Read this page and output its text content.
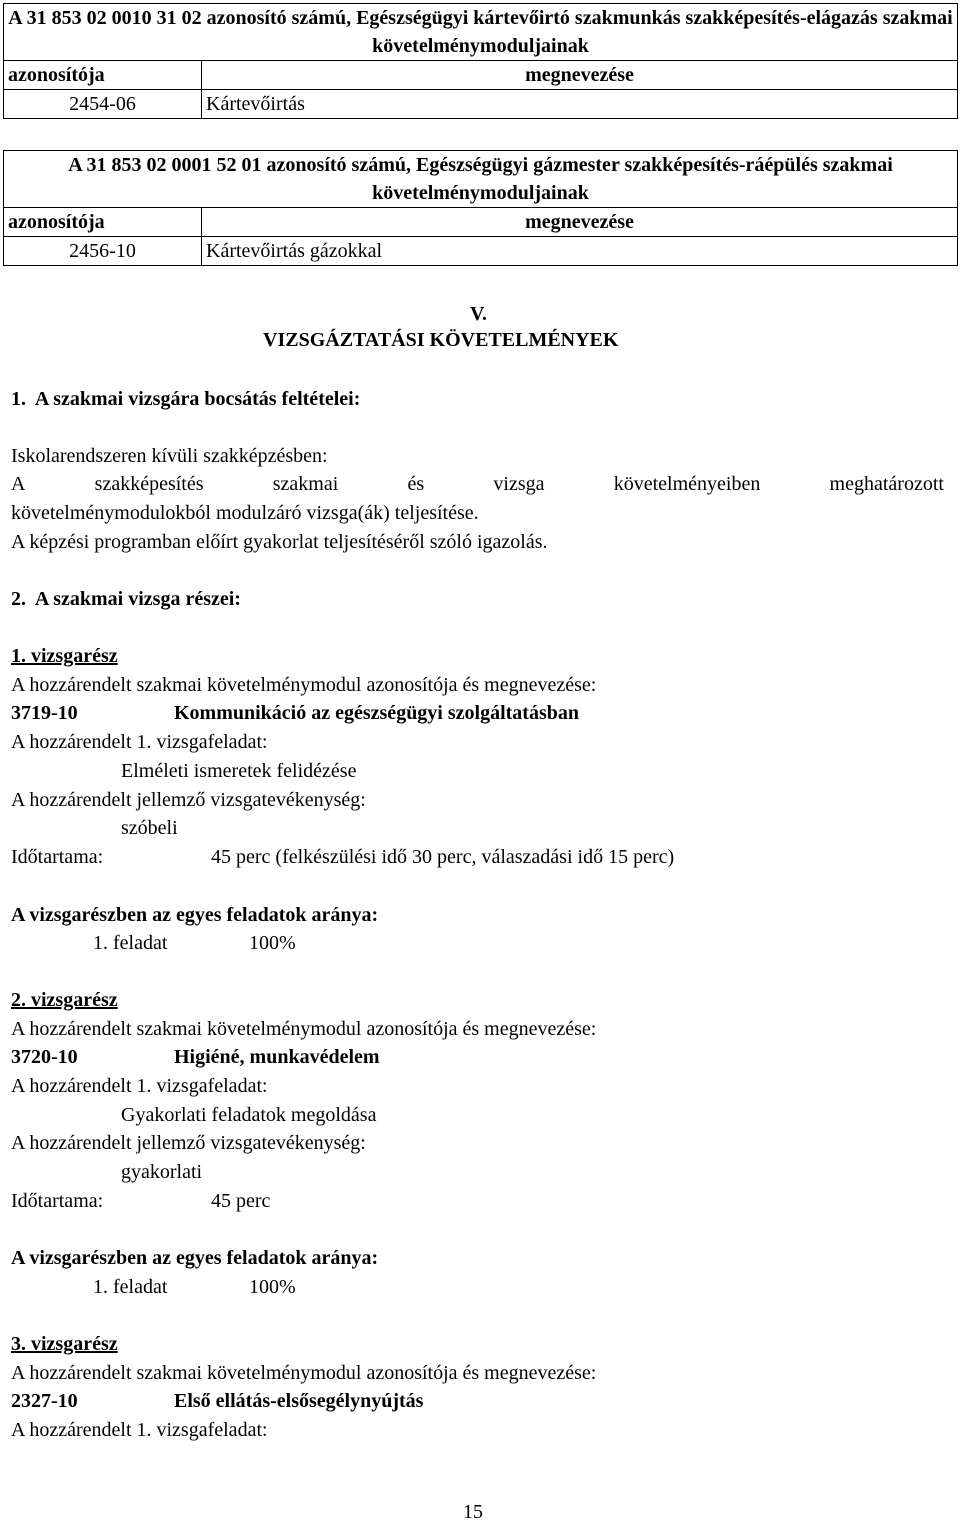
A 31 853 02 0010 31 02 azonosító számú, Egészségügyi kártevőirtó szakmunkás szakképesítés-elágazás szakmai követelménymoduljainak	
azonosítója	megnevezése
2454-06	Kártevőirtás
A 31 853 02 0001 52 01 azonosító számú, Egészségügyi gázmester szakképesítés-ráépülés szakmai követelménymoduljainak	
azonosítója	megnevezése
2456-10	Kártevőirtás gázokkal
V.
VIZSGÁZTATÁSI KÖVETELMÉNYEK
1.  A szakmai vizsgára bocsátás feltételei:
Iskolarendszeren kívüli szakképzésben:
A	szakképesítés	szakmai	és	vizsga	követelményeiben	meghatározott
követelménymodulokból modulzáró vizsga(ák) teljesítése.
A képzési programban előírt gyakorlat teljesítéséről szóló igazolás.
2.  A szakmai vizsga részei:
1. vizsgarész
A hozzárendelt szakmai követelménymodul azonosítója és megnevezése:
3719-10	Kommunikáció az egészségügyi szolgáltatásban
A hozzárendelt 1. vizsgafeladat:
Elméleti ismeretek felidézése
A hozzárendelt jellemző vizsgatevékenység:
szóbeli
Időtartama:	45 perc (felkészülési idő 30 perc, válaszadási idő 15 perc)
A vizsgarészben az egyes feladatok aránya:
1. feladat	100%
2. vizsgarész
A hozzárendelt szakmai követelménymodul azonosítója és megnevezése:
3720-10	Higiéné, munkavédelem
A hozzárendelt 1. vizsgafeladat:
Gyakorlati feladatok megoldása
A hozzárendelt jellemző vizsgatevékenység:
gyakorlati
Időtartama:	45 perc
A vizsgarészben az egyes feladatok aránya:
1. feladat	100%
3. vizsgarész
A hozzárendelt szakmai követelménymodul azonosítója és megnevezése:
2327-10	Első ellátás-elsősegélynyújtás
A hozzárendelt 1. vizsgafeladat:
15
